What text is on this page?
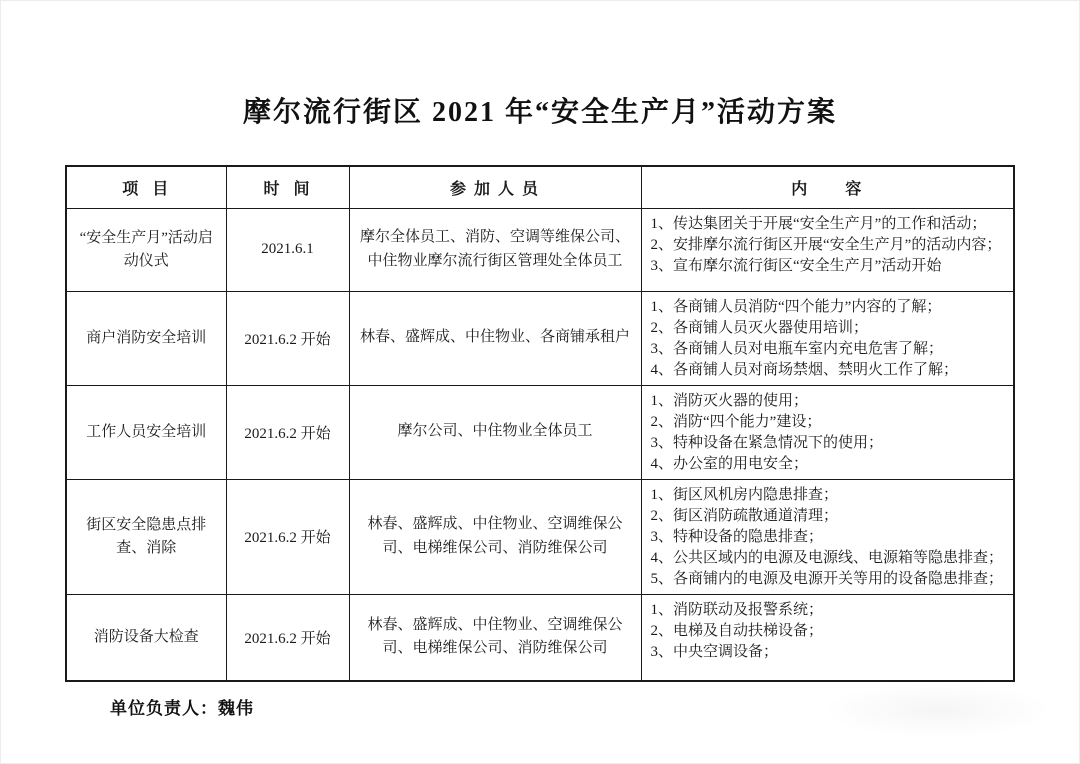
摩尔流行街区 2021 年“安全生产月”活动方案
项  目	时  间	参 加 人 员	内      容
“安全生产月”活动启动仪式	2021.6.1	摩尔全体员工、消防、空调等维保公司、中住物业摩尔流行街区管理处全体员工	1、传达集团关于开展“安全生产月”的工作和活动；
2、安排摩尔流行街区开展“安全生产月”的活动内容；
3、宣布摩尔流行街区“安全生产月”活动开始

商户消防安全培训	2021.6.2 开始	林春、盛辉成、中住物业、各商铺承租户	1、各商铺人员消防“四个能力”内容的了解；
2、各商铺人员灭火器使用培训；
3、各商铺人员对电瓶车室内充电危害了解；
4、各商铺人员对商场禁烟、禁明火工作了解；

工作人员安全培训	2021.6.2 开始	摩尔公司、中住物业全体员工	1、消防灭火器的使用；
2、消防“四个能力”建设；
3、特种设备在紧急情况下的使用；
4、办公室的用电安全；

街区安全隐患点排查、消除	2021.6.2 开始	林春、盛辉成、中住物业、空调维保公司、电梯维保公司、消防维保公司	1、街区风机房内隐患排查；
2、街区消防疏散通道清理；
3、特种设备的隐患排查；
4、公共区域内的电源及电源线、电源箱等隐患排查；
5、各商铺内的电源及电源开关等用的设备隐患排查；

消防设备大检查	2021.6.2 开始	林春、盛辉成、中住物业、空调维保公司、电梯维保公司、消防维保公司	1、消防联动及报警系统；
2、电梯及自动扶梯设备；
3、中央空调设备；
单位负责人：魏伟
